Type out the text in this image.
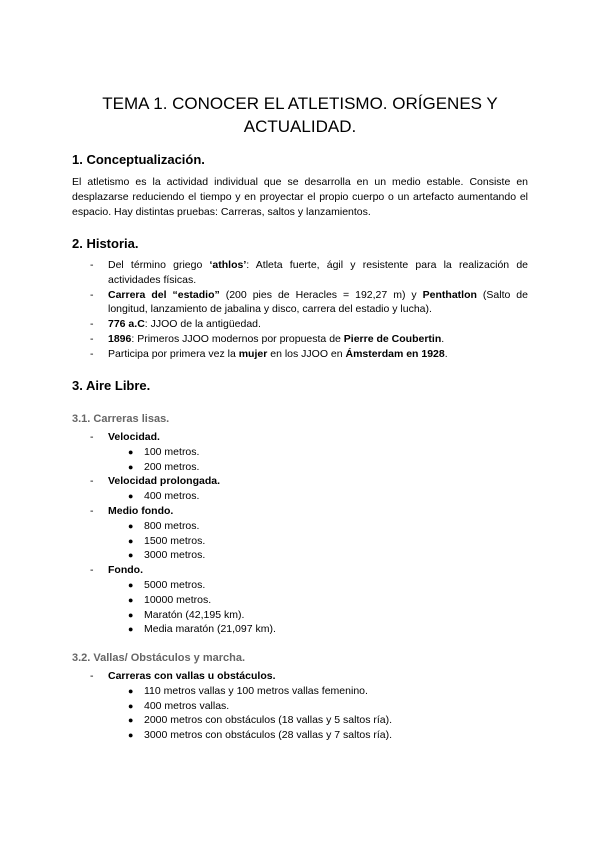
TEMA 1. CONOCER EL ATLETISMO. ORÍGENES Y ACTUALIDAD.
1. Conceptualización.
El atletismo es la actividad individual que se desarrolla en un medio estable. Consiste en desplazarse reduciendo el tiempo y en proyectar el propio cuerpo o un artefacto aumentando el espacio. Hay distintas pruebas: Carreras, saltos y lanzamientos.
2. Historia.
- Del término griego ‘athlos’: Atleta fuerte, ágil y resistente para la realización de actividades físicas.
- Carrera del “estadio” (200 pies de Heracles = 192,27 m) y Penthatlon (Salto de longitud, lanzamiento de jabalina y disco, carrera del estadio y lucha).
- 776 a.C: JJOO de la antigüedad.
- 1896: Primeros JJOO modernos por propuesta de Pierre de Coubertin.
- Participa por primera vez la mujer en los JJOO en Ámsterdam en 1928.
3. Aire Libre.
3.1. Carreras lisas.
- Velocidad.
● 100 metros.
● 200 metros.
- Velocidad prolongada.
● 400 metros.
- Medio fondo.
● 800 metros.
● 1500 metros.
● 3000 metros.
- Fondo.
● 5000 metros.
● 10000 metros.
● Maratón (42,195 km).
● Media maratón (21,097 km).
3.2. Vallas/ Obstáculos y marcha.
- Carreras con vallas u obstáculos.
● 110 metros vallas y 100 metros vallas femenino.
● 400 metros vallas.
● 2000 metros con obstáculos (18 vallas y 5 saltos ría).
● 3000 metros con obstáculos (28 vallas y 7 saltos ría).
